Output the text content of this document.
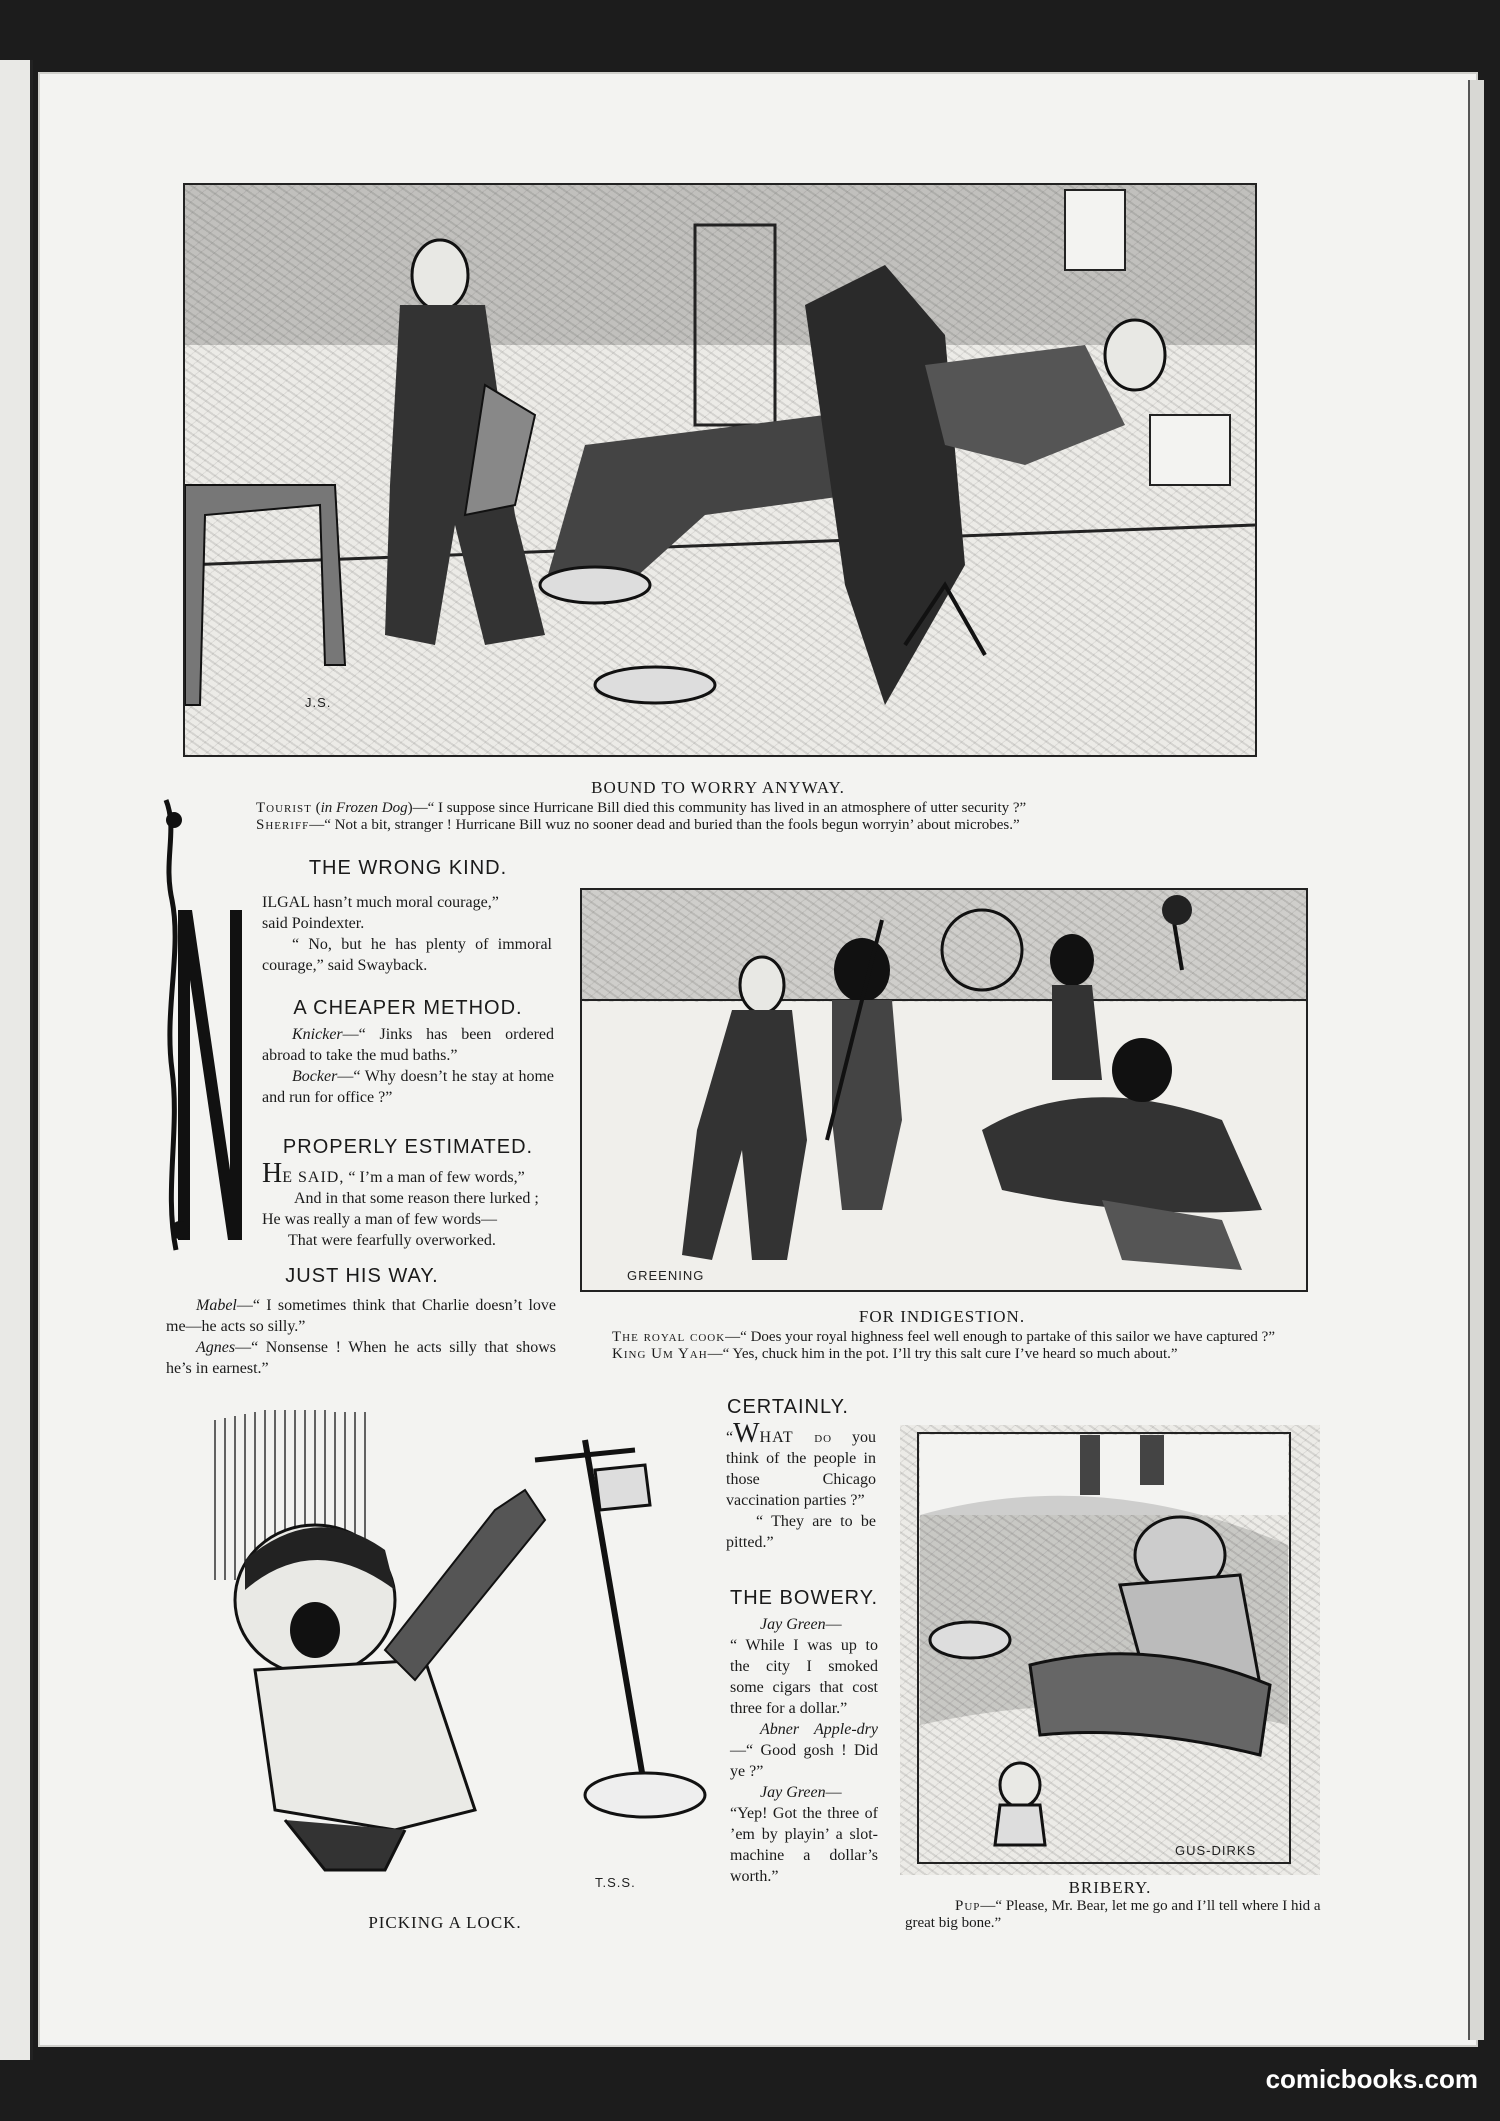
J.S.
BOUND TO WORRY ANYWAY.
Tourist (in Frozen Dog)—“ I suppose since Hurricane Bill died this community has lived in an atmosphere of utter security ?”
Sheriff—“ Not a bit, stranger ! Hurricane Bill wuz no sooner dead and buried than the fools begun worryin’ about microbes.”
THE WRONG KIND.

ILGAL hasn’t much moral courage,”

said Poindexter.

“ No, but he has plenty of immoral courage,” said Swayback.

A CHEAPER METHOD.

Knicker—“ Jinks has been ordered abroad to take the mud baths.”

Bocker—“ Why doesn’t he stay at home and run for office ?”

PROPERLY ESTIMATED.

HE SAID, “ I’m a man of few words,”

And in that some reason there lurked ;

He was really a man of few words—

That were fearfully overworked.

JUST HIS WAY.

Mabel—“ I sometimes think that Charlie doesn’t love me—he acts so silly.”

Agnes—“ Nonsense ! When he acts silly that shows he’s in earnest.”

GREENING
FOR INDIGESTION.
The royal cook—“ Does your royal highness feel well enough to partake of this sailor we have captured ?”
King Um Yah—“ Yes, chuck him in the pot. I’ll try this salt cure I’ve heard so much about.”
T.S.S.
PICKING A LOCK.
CERTAINLY.

“WHAT do you think of the people in those Chicago vaccination parties ?”

“ They are to be pitted.”

THE BOWERY.

Jay Green—

“ While I was up to the city I smoked some cigars that cost three for a dollar.”

Abner Apple-dry—“ Good gosh ! Did ye ?”

Jay Green—

“Yep! Got the three of ’em by playin’ a slot-machine a dollar’s worth.”

GUS-DIRKS
BRIBERY.
Pup—“ Please, Mr. Bear, let me go and I’ll tell where I hid a great big bone.”
comicbooks.com
